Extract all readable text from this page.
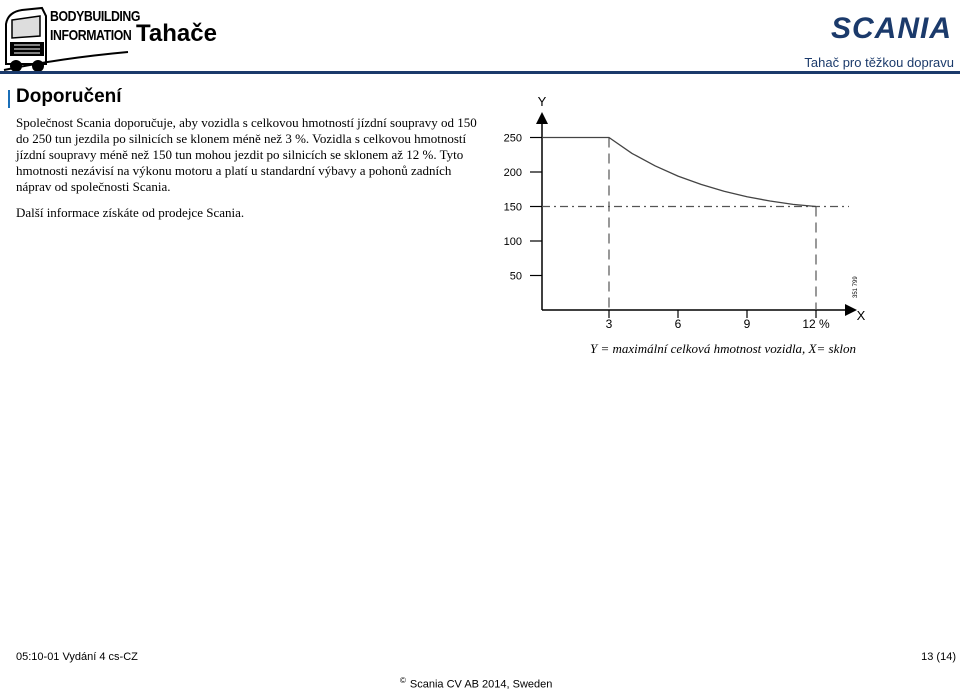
BODYBUILDING
INFORMATION Tahače	SCANIA
Tahač pro těžkou dopravu
Doporučení

Společnost Scania doporučuje, aby vozidla s celkovou hmotností jízdní soupravy od 150 do 250 tun jezdila po silnicích se klonem méně než 3 %. Vozidla s celkovou hmotností jízdní soupravy méně než 150 tun mohou jezdit po silnicích se sklonem až 12 %. Tyto hmotnosti nezávisí na výkonu motoru a platí u standardní výbavy a pohonů zadních náprav od společnosti Scania.

Další informace získáte od prodejce Scania.

Y
X
50
100
150
200
250
3	6	9	12 %
351 799
Y = maximální celková hmotnost vozidla, X= sklon
05:10-01 Vydání 4 cs-CZ	13 (14)
© Scania CV AB 2014, Sweden
